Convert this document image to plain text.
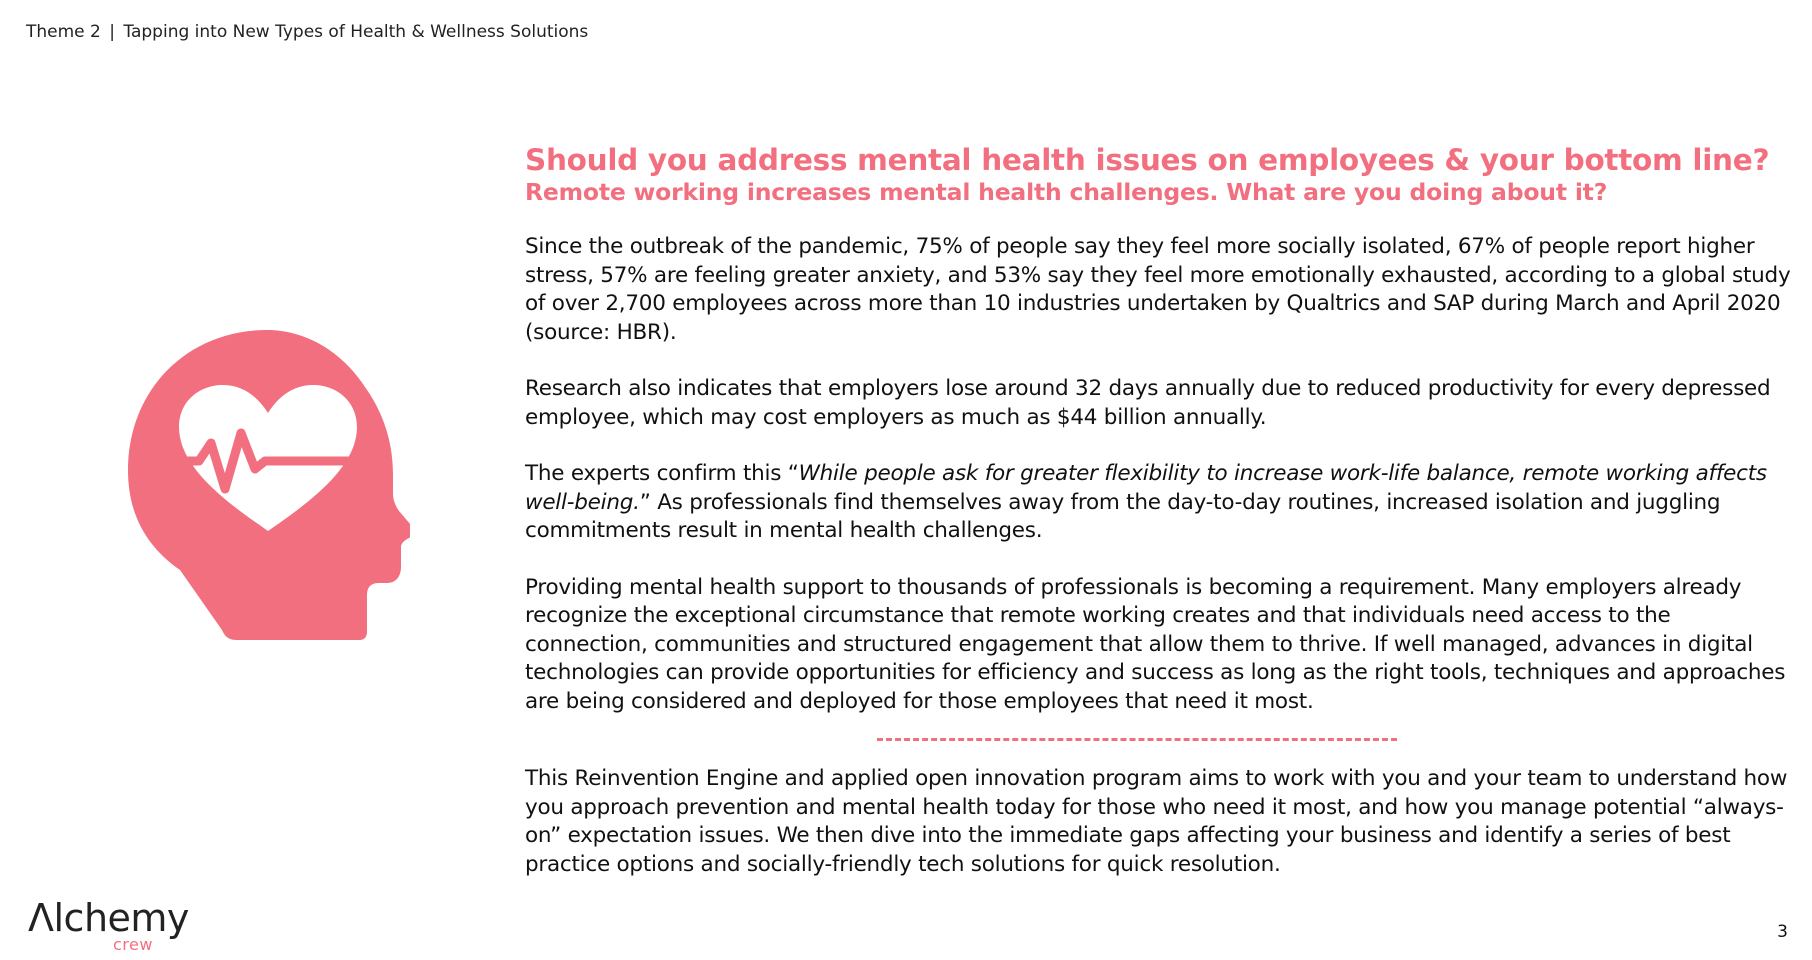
Theme 2 | Tapping into New Types of Health & Wellness Solutions
Should you address mental health issues on employees & your bottom line?
Remote working increases mental health challenges. What are you doing about it?

Since the outbreak of the pandemic, 75% of people say they feel more socially isolated, 67% of people report higher stress, 57% are feeling greater anxiety, and 53% say they feel more emotionally exhausted, according to a global study of over 2,700 employees across more than 10 industries undertaken by Qualtrics and SAP during March and April 2020 (source: HBR).

Research also indicates that employers lose around 32 days annually due to reduced productivity for every depressed employee, which may cost employers as much as $44 billion annually.

The experts confirm this “While people ask for greater flexibility to increase work-life balance, remote working affects well-being.” As professionals find themselves away from the day-to-day routines, increased isolation and juggling commitments result in mental health challenges.

Providing mental health support to thousands of professionals is becoming a requirement. Many employers already recognize the exceptional circumstance that remote working creates and that individuals need access to the connection, communities and structured engagement that allow them to thrive. If well managed, advances in digital technologies can provide opportunities for efficiency and success as long as the right tools, techniques and approaches are being considered and deployed for those employees that need it most.

This Reinvention Engine and applied open innovation program aims to work with you and your team to understand how you approach prevention and mental health today for those who need it most, and how you manage potential “always-on” expectation issues. We then dive into the immediate gaps affecting your business and identify a series of best practice options and socially-friendly tech solutions for quick resolution.

Ʌlchemy
crew
3
